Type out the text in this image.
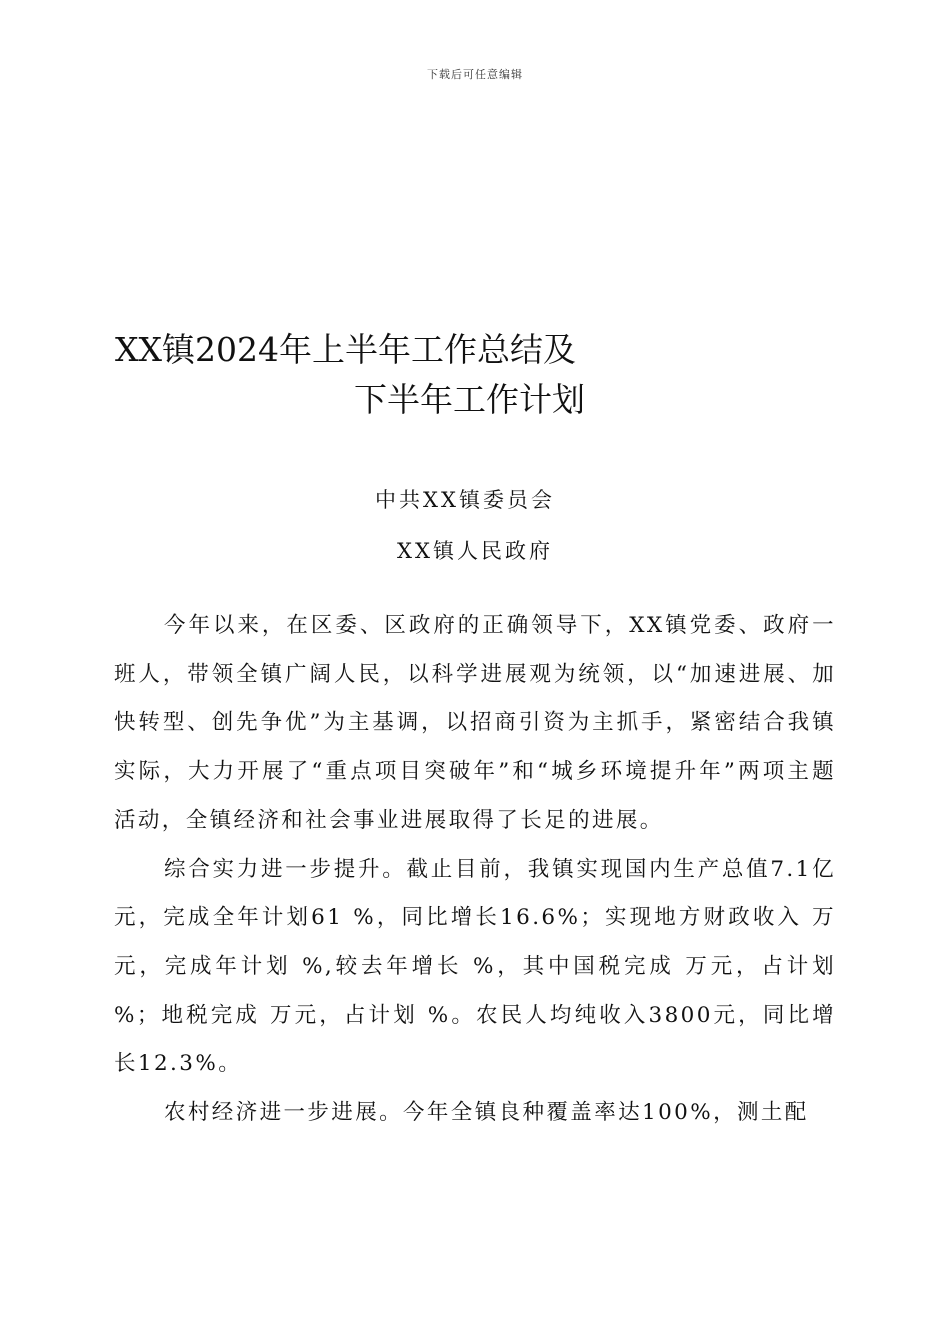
下载后可任意编辑
XX镇2024年上半年工作总结及
下半年工作计划
中共XX镇委员会
XX镇人民政府

今年以来，在区委、区政府的正确领导下，XX镇党委、政府一班人，带领全镇广阔人民，以科学进展观为统领，以“加速进展、加快转型、创先争优”为主基调，以招商引资为主抓手，紧密结合我镇实际，大力开展了“重点项目突破年”和“城乡环境提升年”两项主题活动，全镇经济和社会事业进展取得了长足的进展。

综合实力进一步提升。截止目前，我镇实现国内生产总值7.1亿元，完成全年计划61 %，同比增长16.6%；实现地方财政收入 万元，完成年计划 %,较去年增长 %，其中国税完成 万元，占计划 %；地税完成 万元，占计划 %。农民人均纯收入3800元，同比增长12.3%。

农村经济进一步进展。今年全镇良种覆盖率达100%，测土配
